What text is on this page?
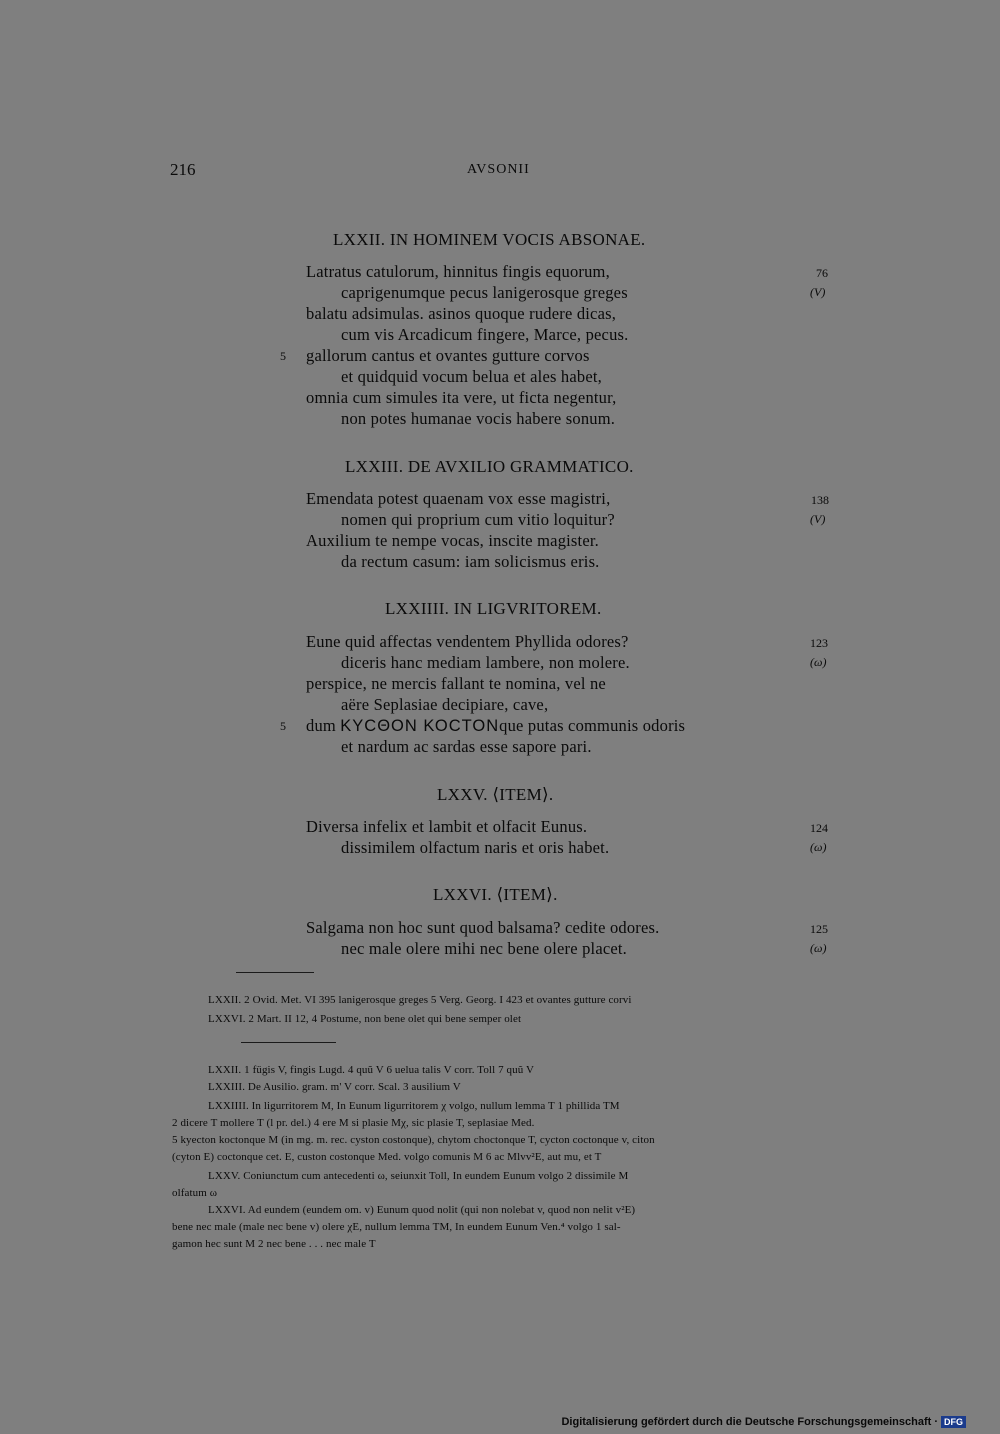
216	AVSONII
LXXII. IN HOMINEM VOCIS ABSONAE.
Latratus catulorum, hinnitus fingis equorum,
caprigenumque pecus lanigerosque greges
balatu adsimulas. asinos quoque rudere dicas,
cum vis Arcadicum fingere, Marce, pecus.
5 gallorum cantus et ovantes gutture corvos
et quidquid vocum belua et ales habet,
omnia cum simules ita vere, ut ficta negentur,
non potes humanae vocis habere sonum.
76
(V)
LXXIII. DE AVXILIO GRAMMATICO.
Emendata potest quaenam vox esse magistri,
nomen qui proprium cum vitio loquitur?
Auxilium te nempe vocas, inscite magister.
da rectum casum: iam solicismus eris.
138
(V)
LXXIIII. IN LIGVRITOREM.
Eune quid affectas vendentem Phyllida odores?
diceris hanc mediam lambere, non molere.
perspice, ne mercis fallant te nomina, vel ne
aëre Seplasiae decipiare, cave,
5 dum ΚΥϹΘΟΝ ΚΟϹΤΟΝque putas communis odoris
et nardum ac sardas esse sapore pari.
123
(ω)
LXXV. ⟨ITEM⟩.
Diversa infelix et lambit et olfacit Eunus.
dissimilem olfactum naris et oris habet.
124
(ω)
LXXVI. ⟨ITEM⟩.
Salgama non hoc sunt quod balsama? cedite odores.
nec male olere mihi nec bene olere placet.
125
(ω)
LXXII. 2 Ovid. Met. VI 395 lanigerosque greges 5 Verg. Georg. I 423 et ovantes gutture corvi
LXXVI. 2 Mart. II 12, 4 Postume, non bene olet qui bene semper olet
LXXII. 1 fügis V, fingis Lugd. 4 quũ V 6 uelua talis V corr. Toll 7 quũ V
LXXIII. De Ausilio. gram. m' V corr. Scal. 3 ausilium V
LXXIIII. In ligurritorem M, In Eunum ligurritorem χ volgo, nullum lemma T 1 phillida TM
2 dicere T mollere T (l pr. del.) 4 ere M si plasie Mχ, sic plasie T, seplasiae Med.
5 kyecton koctonque M (in mg. m. rec. cyston costonque), chytom choctonque T, cycton coctonque v, citon
(cyton E) coctonque cet. E, custon costonque Med. volgo comunis M 6 ac Mlvv²E, aut mu, et T
LXXV. Coniunctum cum antecedenti ω, seiunxit Toll, In eundem Eunum volgo 2 dissimile M
olfatum ω
LXXVI. Ad eundem (eundem om. v) Eunum quod nolit (qui non nolebat v, quod non nelit v²E)
bene nec male (male nec bene v) olere χE, nullum lemma TM, In eundem Eunum Ven.⁴ volgo 1 sal-
gamon hec sunt M 2 nec bene . . . nec male T
Digitalisierung gefördert durch die Deutsche Forschungsgemeinschaft · DFG
